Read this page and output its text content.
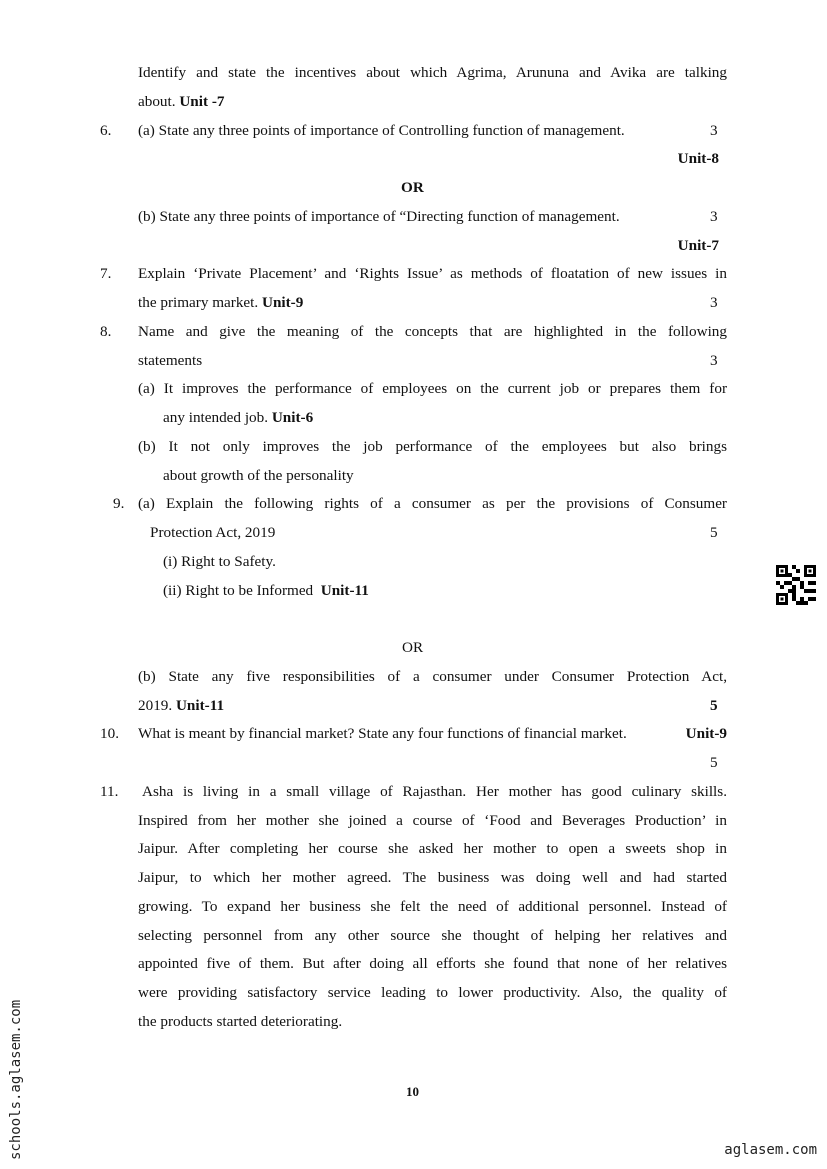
Identify and state the incentives about which Agrima, Arununa and Avika are talking
about. Unit -7
6. (a) State any three points of importance of Controlling function of management.	3
Unit-8
OR
(b) State any three points of importance of “Directing function of management.	3
Unit-7
7. Explain ‘Private Placement’ and ‘Rights Issue’ as methods of floatation of new issues in
the primary market. Unit-9	3
8. Name and give the meaning of the concepts that are highlighted in the following
statements	3
(a) It improves the performance of employees on the current job or prepares them for
any intended job. Unit-6
(b) It not only improves the job performance of the employees but also brings
about growth of the personality
9. (a) Explain the following rights of a consumer as per the provisions of Consumer
Protection Act, 2019	5
(i) Right to Safety.
(ii) Right to be Informed Unit-11
OR
(b) State any five responsibilities of a consumer under Consumer Protection Act,
2019. Unit-11	5
10. What is meant by financial market? State any four functions of financial market.	Unit-9
5
11. Asha is living in a small village of Rajasthan. Her mother has good culinary skills.
Inspired from her mother she joined a course of ‘Food and Beverages Production’ in
Jaipur. After completing her course she asked her mother to open a sweets shop in
Jaipur, to which her mother agreed. The business was doing well and had started
growing. To expand her business she felt the need of additional personnel. Instead of
selecting personnel from any other source she thought of helping her relatives and
appointed five of them. But after doing all efforts she found that none of her relatives
were providing satisfactory service leading to lower productivity. Also, the quality of
the products started deteriorating.
10
schools.aglasem.com	aglasem.com
